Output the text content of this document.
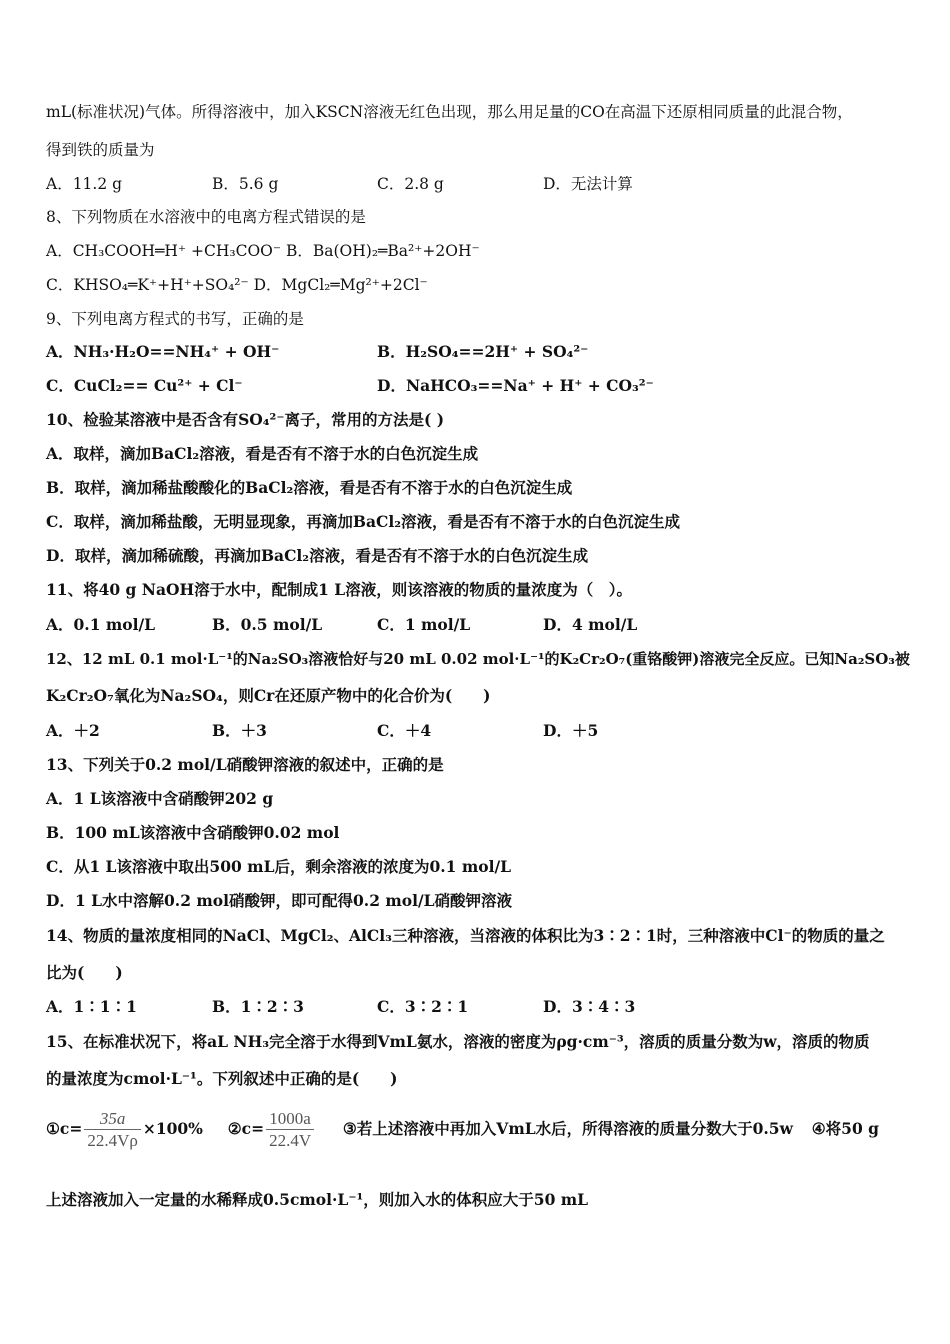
mL(标准状况)气体。所得溶液中，加入KSCN溶液无红色出现，那么用足量的CO在高温下还原相同质量的此混合物，
得到铁的质量为
A．11.2 g	B．5.6 g	C．2.8 g	D．无法计算
8、下列物质在水溶液中的电离方程式错误的是
A．CH₃COOH═H⁺ +CH₃COO⁻ B．Ba(OH)₂═Ba²⁺+2OH⁻
C．KHSO₄═K⁺+H⁺+SO₄²⁻ D．MgCl₂═Mg²⁺+2Cl⁻
9、下列电离方程式的书写，正确的是
A．NH₃·H₂O==NH₄⁺ + OH⁻	B．H₂SO₄==2H⁺ + SO₄²⁻
C．CuCl₂== Cu²⁺ + Cl⁻	D．NaHCO₃==Na⁺ + H⁺ + CO₃²⁻
10、检验某溶液中是否含有SO₄²⁻离子，常用的方法是( )
A．取样，滴加BaCl₂溶液，看是否有不溶于水的白色沉淀生成
B．取样，滴加稀盐酸酸化的BaCl₂溶液，看是否有不溶于水的白色沉淀生成
C．取样，滴加稀盐酸，无明显现象，再滴加BaCl₂溶液，看是否有不溶于水的白色沉淀生成
D．取样，滴加稀硫酸，再滴加BaCl₂溶液，看是否有不溶于水的白色沉淀生成
11、将40 g NaOH溶于水中，配制成1 L溶液，则该溶液的物质的量浓度为（　）。
A．0.1 mol/L	B．0.5 mol/L	C．1 mol/L	D．4 mol/L
12、12 mL 0.1 mol·L⁻¹的Na₂SO₃溶液恰好与20 mL 0.02 mol·L⁻¹的K₂Cr₂O₇(重铬酸钾)溶液完全反应。已知Na₂SO₃被
K₂Cr₂O₇氧化为Na₂SO₄，则Cr在还原产物中的化合价为(　　)
A．＋2	B．＋3	C．＋4	D．＋5
13、下列关于0.2 mol/L硝酸钾溶液的叙述中，正确的是
A．1 L该溶液中含硝酸钾202 g
B．100 mL该溶液中含硝酸钾0.02 mol
C．从1 L该溶液中取出500 mL后，剩余溶液的浓度为0.1 mol/L
D．1 L水中溶解0.2 mol硝酸钾，即可配得0.2 mol/L硝酸钾溶液
14、物质的量浓度相同的NaCl、MgCl₂、AlCl₃三种溶液，当溶液的体积比为3∶2∶1时，三种溶液中Cl⁻的物质的量之
比为(　　)
A．1∶1∶1	B．1∶2∶3	C．3∶2∶1	D．3∶4∶3
15、在标准状况下，将aL NH₃完全溶于水得到VmL氨水，溶液的密度为ρg·cm⁻³，溶质的质量分数为w，溶质的物质
的量浓度为cmol·L⁻¹。下列叙述中正确的是(　　)
①c= $\frac{35a}{22.4V\rho} \times 100\%$ ②c= $\frac{1000a}{22.4V}$ ③若上述溶液中再加入VmL水后，所得溶液的质量分数大于0.5w ④将50 g
上述溶液加入一定量的水稀释成0.5cmol·L⁻¹，则加入水的体积应大于50 mL
